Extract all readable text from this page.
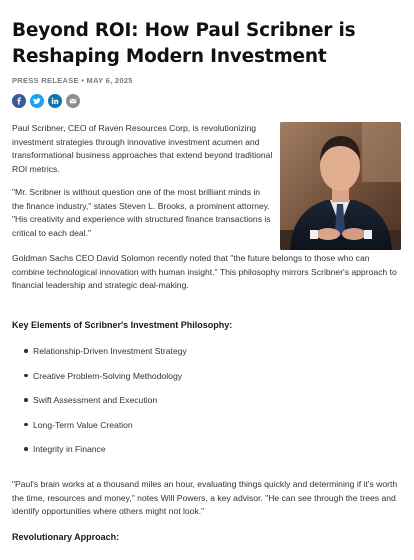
Beyond ROI: How Paul Scribner is Reshaping Modern Investment
PRESS RELEASE • MAY 6, 2025

Paul Scribner, CEO of Raven Resources Corp, is revolutionizing investment strategies through innovative investment acumen and transformational business approaches that extend beyond traditional ROI metrics.

"Mr. Scribner is without question one of the most brilliant minds in the finance industry," states Steven L. Brooks, a prominent attorney. "His creativity and experience with structured finance transactions is critical to each deal."

Goldman Sachs CEO David Solomon recently noted that "the future belongs to those who can combine technological innovation with human insight." This philosophy mirrors Scribner's approach to financial leadership and strategic deal-making.

Key Elements of Scribner's Investment Philosophy:
Relationship-Driven Investment Strategy
Creative Problem-Solving Methodology
Swift Assessment and Execution
Long-Term Value Creation
Integrity in Finance

"Paul's brain works at a thousand miles an hour, evaluating things quickly and determining if it's worth the time, resources and money," notes Will Powers, a key advisor. "He can see through the trees and identify opportunities where others might not look."

Revolutionary Approach:
